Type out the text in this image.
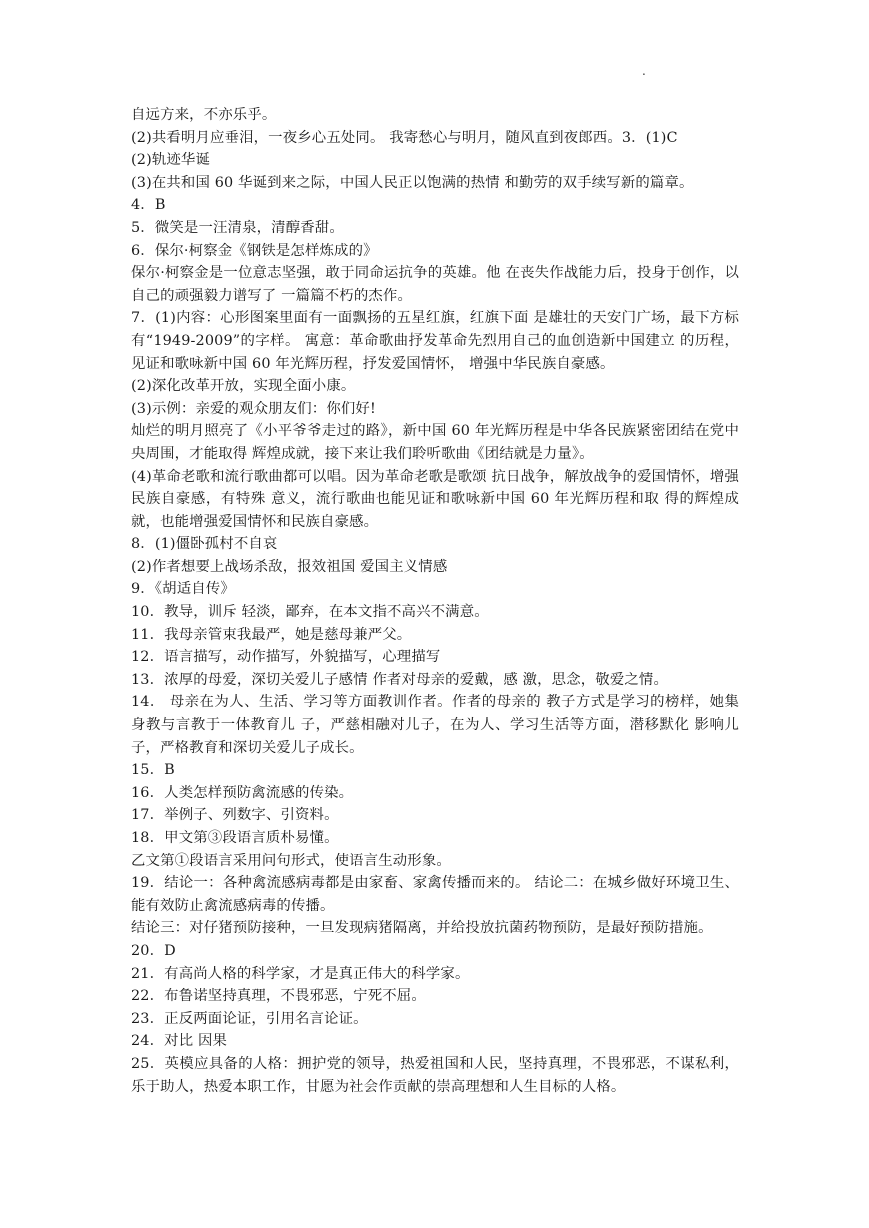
.

自远方来，不亦乐乎。

(2)共看明月应垂泪，一夜乡心五处同。 我寄愁心与明月，随风直到夜郎西。3．(1)C

(2)轨迹华诞

(3)在共和国 60 华诞到来之际，中国人民正以饱满的热情 和勤劳的双手续写新的篇章。

4．B

5．微笑是一汪清泉，清醇香甜。

6．保尔·柯察金《钢铁是怎样炼成的》

保尔·柯察金是一位意志坚强，敢于同命运抗争的英雄。他 在丧失作战能力后，投身于创作，以自己的顽强毅力谱写了 一篇篇不朽的杰作。

7．(1)内容：心形图案里面有一面飘扬的五星红旗，红旗下面 是雄壮的天安门广场，最下方标有“1949-2009”的字样。 寓意：革命歌曲抒发革命先烈用自己的血创造新中国建立 的历程，见证和歌咏新中国 60 年光辉历程，抒发爱国情怀， 增强中华民族自豪感。

(2)深化改革开放，实现全面小康。

(3)示例：亲爱的观众朋友们：你们好!

灿烂的明月照亮了《小平爷爷走过的路》，新中国 60 年光辉历程是中华各民族紧密团结在党中央周围，才能取得 辉煌成就，接下来让我们聆听歌曲《团结就是力量》。

(4)革命老歌和流行歌曲都可以唱。因为革命老歌是歌颂 抗日战争，解放战争的爱国情怀，增强民族自豪感，有特殊 意义，流行歌曲也能见证和歌咏新中国 60 年光辉历程和取 得的辉煌成就，也能增强爱国情怀和民族自豪感。

8．(1)僵卧孤村不自哀

(2)作者想要上战场杀敌，报效祖国 爱国主义情感

9．《胡适自传》

10．教导，训斥 轻淡，鄙弃，在本文指不高兴不满意。

11．我母亲管束我最严，她是慈母兼严父。

12．语言描写，动作描写，外貌描写，心理描写

13．浓厚的母爱，深切关爱儿子感情 作者对母亲的爱戴，感 激，思念，敬爱之情。

14． 母亲在为人、生活、学习等方面教训作者。作者的母亲的 教子方式是学习的榜样，她集身教与言教于一体教育儿 子，严慈相融对儿子，在为人、学习生活等方面，潜移默化 影响儿子，严格教育和深切关爱儿子成长。

15．B

16．人类怎样预防禽流感的传染。

17．举例子、列数字、引资料。

18．甲文第③段语言质朴易懂。

乙文第①段语言采用问句形式，使语言生动形象。

19．结论一：各种禽流感病毒都是由家畜、家禽传播而来的。 结论二：在城乡做好环境卫生、能有效防止禽流感病毒的传播。

结论三：对仔猪预防接种，一旦发现病猪隔离，并给投放抗菌药物预防，是最好预防措施。

20．D

21．有高尚人格的科学家，才是真正伟大的科学家。

22．布鲁诺坚持真理，不畏邪恶，宁死不屈。

23．正反两面论证，引用名言论证。

24．对比 因果

25．英模应具备的人格：拥护党的领导，热爱祖国和人民，坚持真理，不畏邪恶，不谋私利，乐于助人，热爱本职工作，甘愿为社会作贡献的崇高理想和人生目标的人格。
